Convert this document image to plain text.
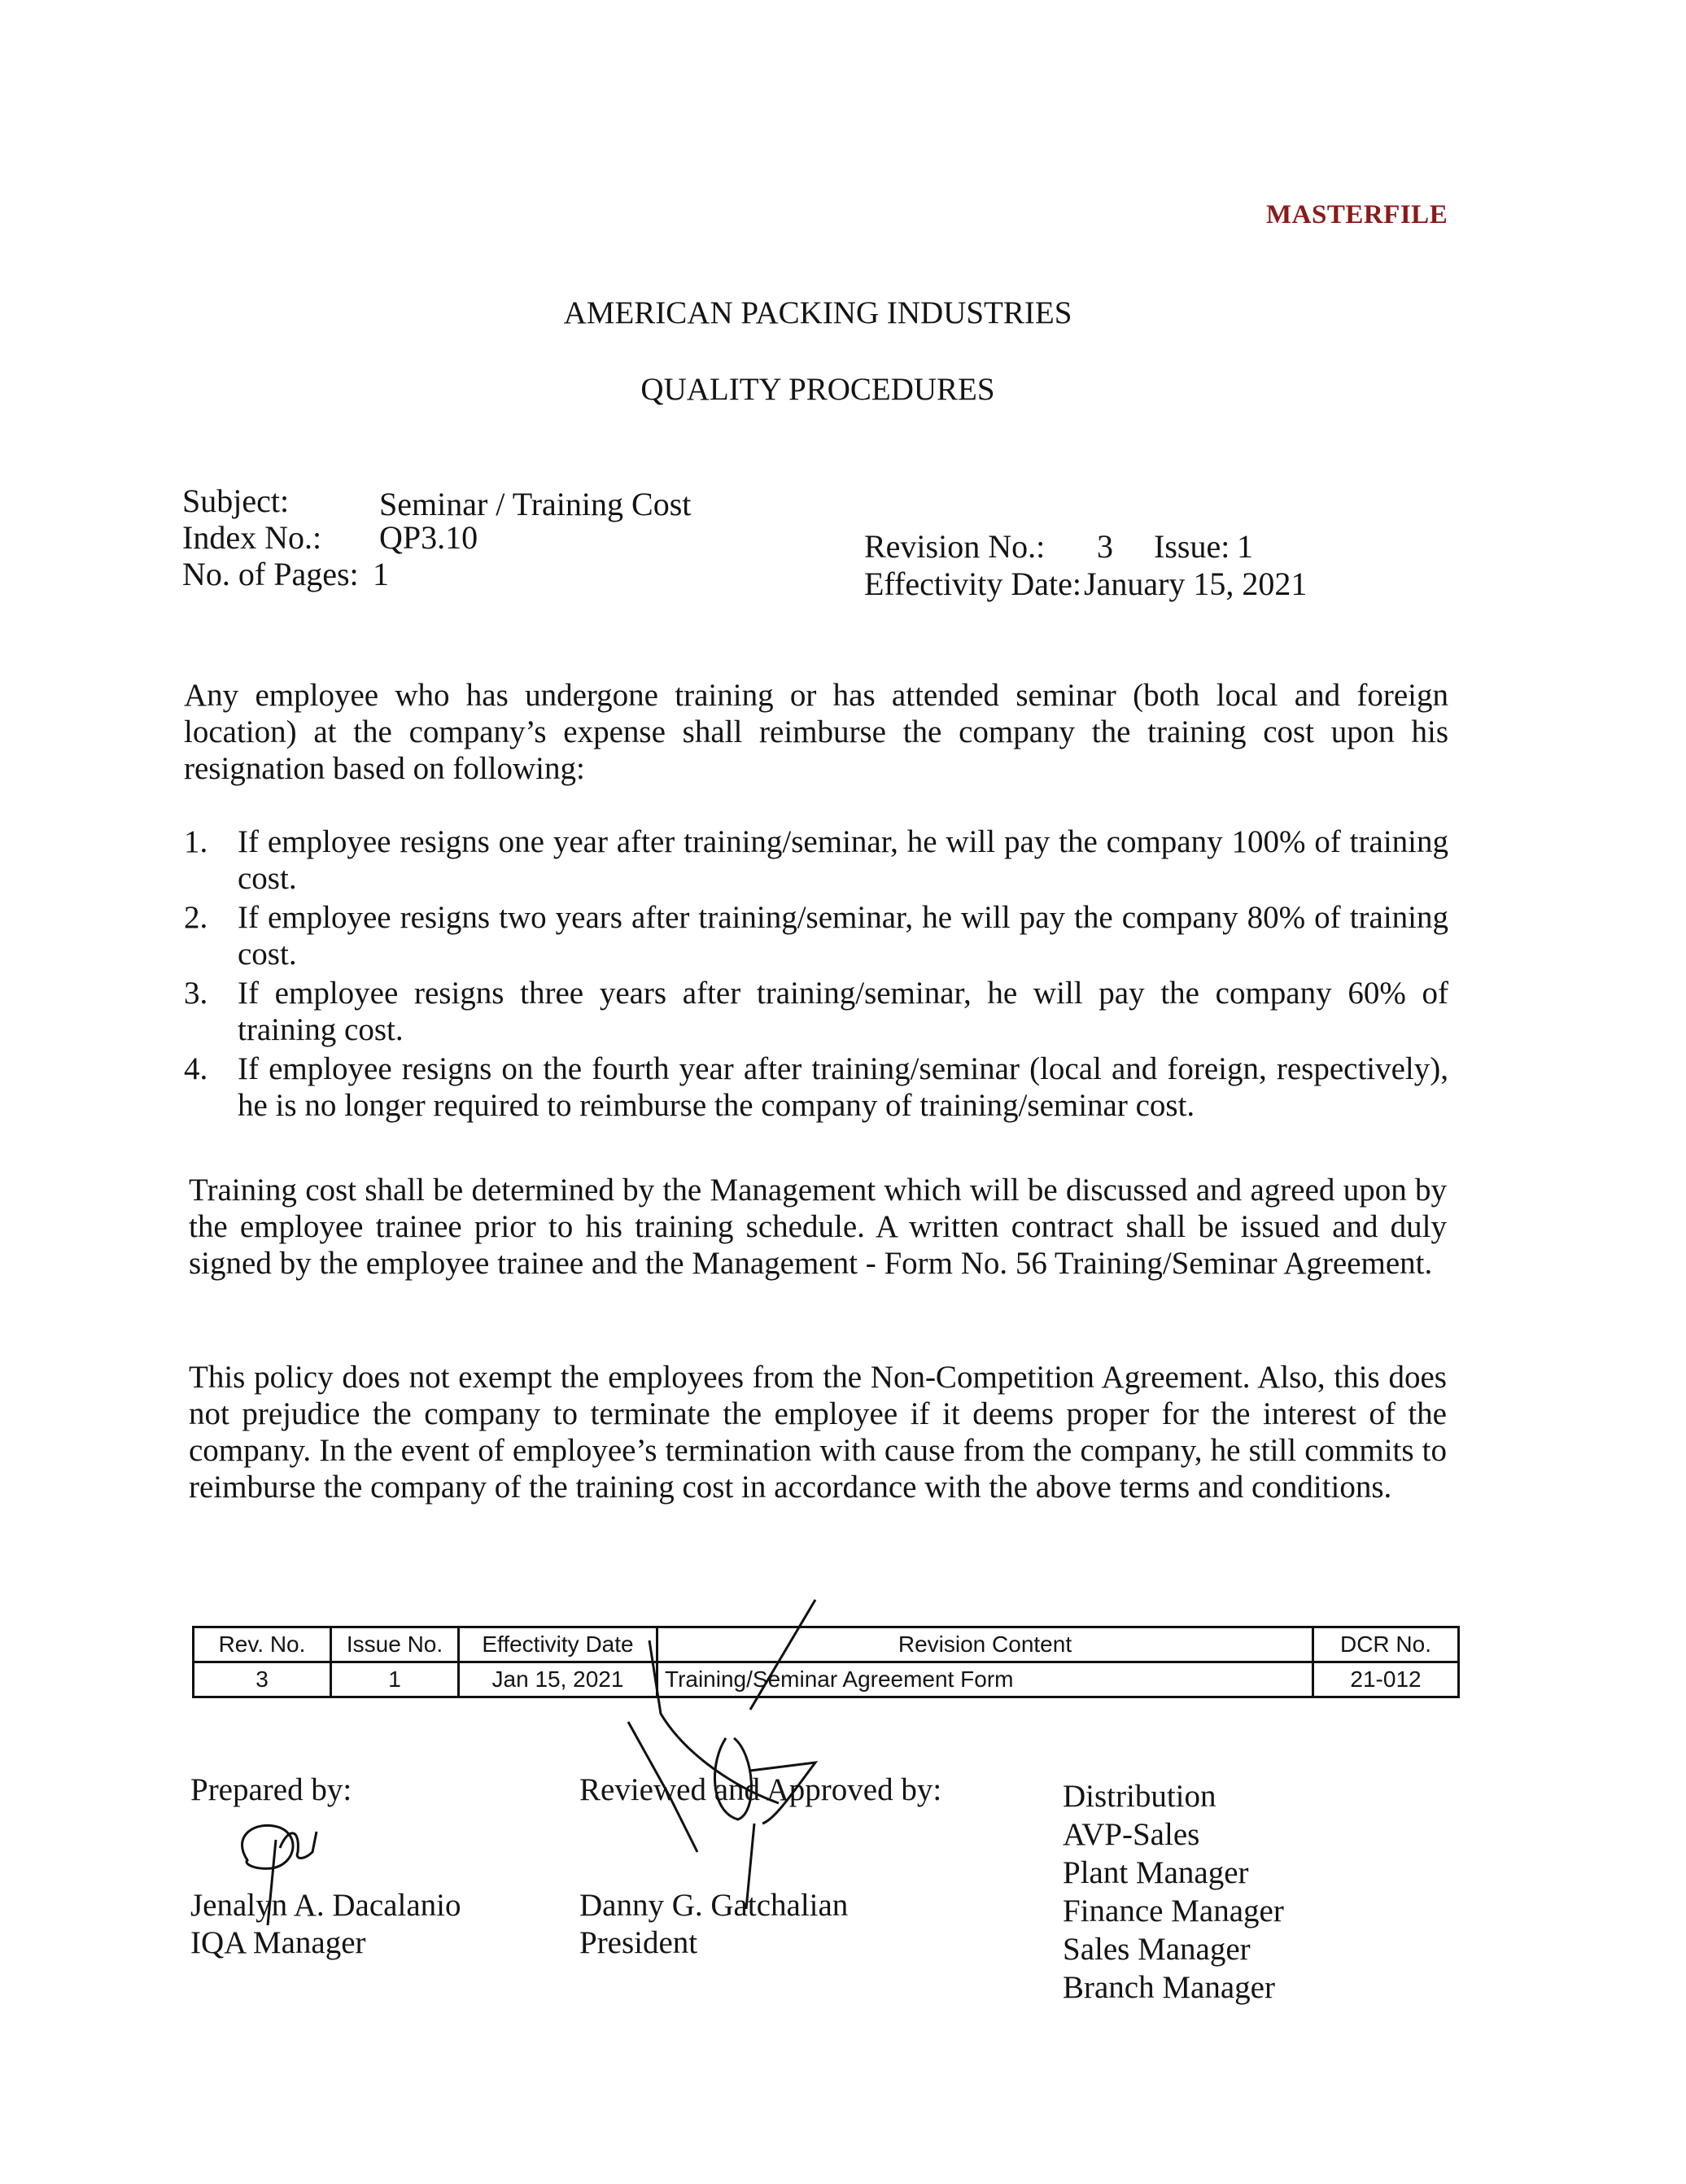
MASTERFILE
AMERICAN PACKING INDUSTRIES
QUALITY PROCEDURES
Subject:	Seminar / Training Cost
Index No.: QP3.10
No. of Pages: 1
Revision No.: 3 Issue: 1
Effectivity Date: January 15, 2021

Any employee who has undergone training or has attended seminar (both local and foreign location) at the company’s expense shall reimburse the company the training cost upon his resignation based on following:

1. If employee resigns one year after training/seminar, he will pay the company 100% of training cost.
2. If employee resigns two years after training/seminar, he will pay the company 80% of training cost.
3. If employee resigns three years after training/seminar, he will pay the company 60% of training cost.
4. If employee resigns on the fourth year after training/seminar (local and foreign, respectively), he is no longer required to reimburse the company of training/seminar cost.

Training cost shall be determined by the Management which will be discussed and agreed upon by the employee trainee prior to his training schedule. A written contract shall be issued and duly signed by the employee trainee and the Management - Form No. 56 Training/Seminar Agreement.

This policy does not exempt the employees from the Non-Competition Agreement. Also, this does not prejudice the company to terminate the employee if it deems proper for the interest of the company. In the event of employee’s termination with cause from the company, he still commits to reimburse the company of the training cost in accordance with the above terms and conditions.

Rev. No.	Issue No.	Effectivity Date	Revision Content	DCR No.
3	1	Jan 15, 2021	Training/Seminar Agreement Form	21-012
Prepared by:
Jenalyn A. Dacalanio
IQA Manager
Reviewed and Approved by:
Danny G. Gatchalian
President
Distribution
AVP-Sales
Plant Manager
Finance Manager
Sales Manager
Branch Manager
